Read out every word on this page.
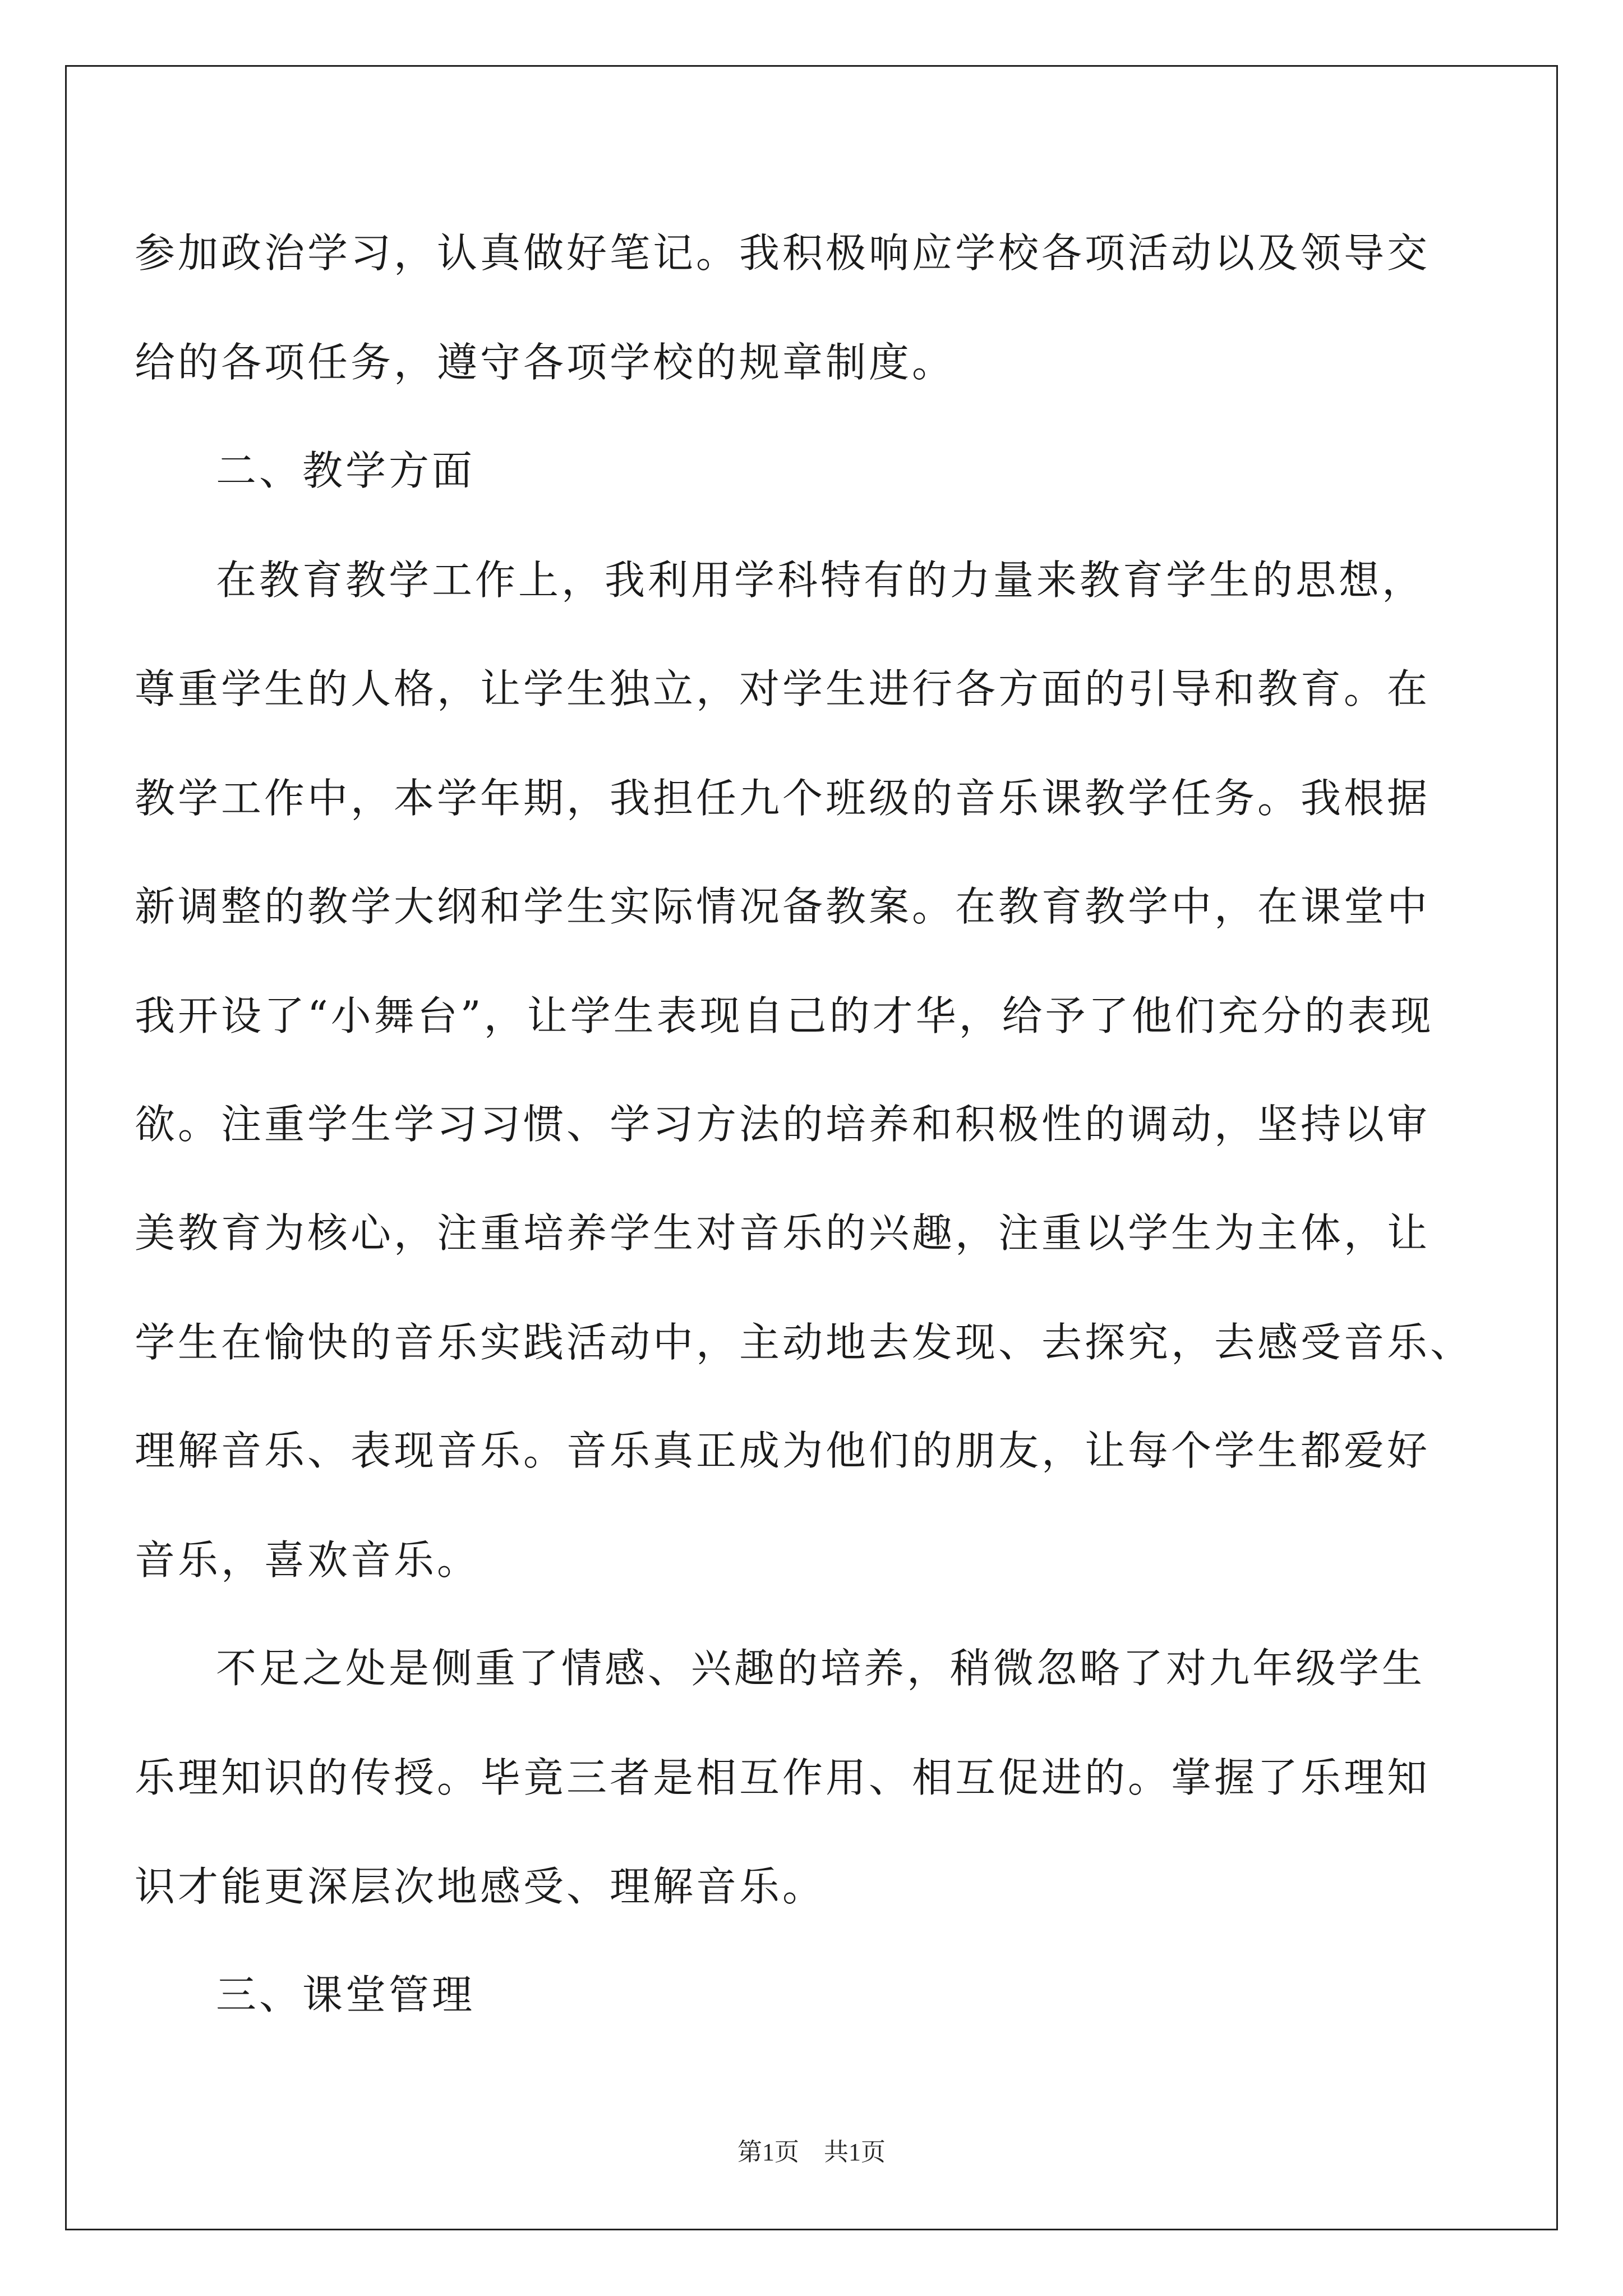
参加政治学习，认真做好笔记。我积极响应学校各项活动以及领导交
给的各项任务，遵守各项学校的规章制度。
二、教学方面
在教育教学工作上，我利用学科特有的力量来教育学生的思想，
尊重学生的人格，让学生独立，对学生进行各方面的引导和教育。在
教学工作中，本学年期，我担任九个班级的音乐课教学任务。我根据
新调整的教学大纲和学生实际情况备教案。在教育教学中，在课堂中
我开设了“小舞台”，让学生表现自己的才华，给予了他们充分的表现
欲。注重学生学习习惯、学习方法的培养和积极性的调动，坚持以审
美教育为核心，注重培养学生对音乐的兴趣，注重以学生为主体，让
学生在愉快的音乐实践活动中，主动地去发现、去探究，去感受音乐、
理解音乐、表现音乐。音乐真正成为他们的朋友，让每个学生都爱好
音乐，喜欢音乐。
不足之处是侧重了情感、兴趣的培养，稍微忽略了对九年级学生
乐理知识的传授。毕竟三者是相互作用、相互促进的。掌握了乐理知
识才能更深层次地感受、理解音乐。
三、课堂管理
第1页　共1页
